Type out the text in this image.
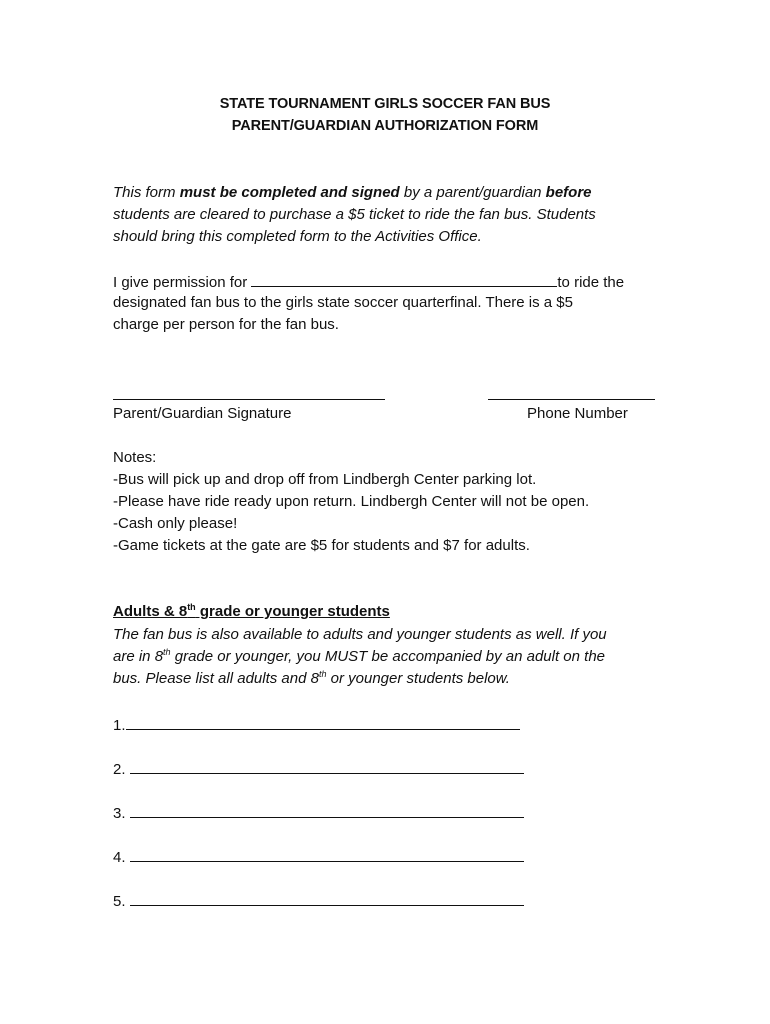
STATE TOURNAMENT GIRLS SOCCER FAN BUS
PARENT/GUARDIAN AUTHORIZATION FORM
This form must be completed and signed by a parent/guardian before
students are cleared to purchase a $5 ticket to ride the fan bus. Students
should bring this completed form to the Activities Office.
I give permission for	to ride the
designated fan bus to the girls state soccer quarterfinal. There is a $5
charge per person for the fan bus.
Parent/Guardian Signature	Phone Number
Notes:
-Bus will pick up and drop off from Lindbergh Center parking lot.
-Please have ride ready upon return. Lindbergh Center will not be open.
-Cash only please!
-Game tickets at the gate are $5 for students and $7 for adults.
Adults & 8th grade or younger students
The fan bus is also available to adults and younger students as well. If you
are in 8th grade or younger, you MUST be accompanied by an adult on the
bus. Please list all adults and 8th or younger students below.
1.
2.
3.
4.
5.
